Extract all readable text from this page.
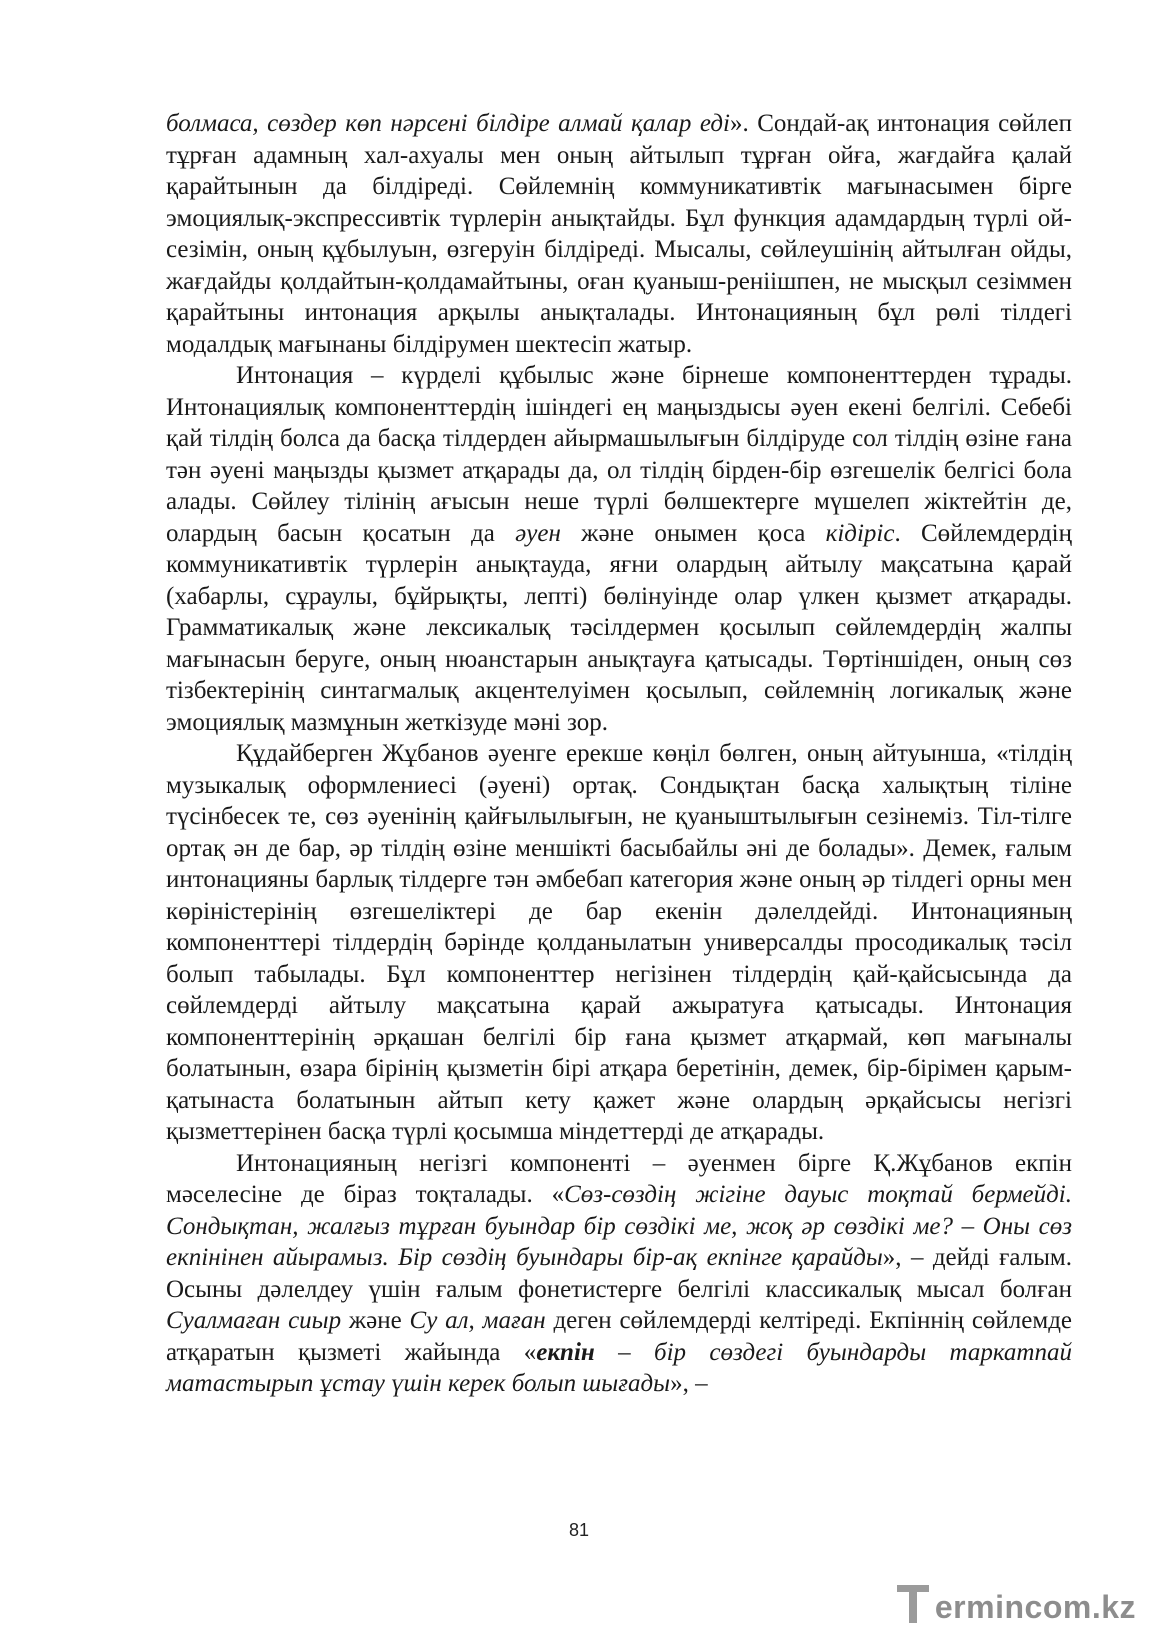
болмаса, сөздер көп нәрсені білдіре алмай қалар еді». Сондай-ақ интонация сөйлеп тұрған адамның хал-ахуалы мен оның айтылып тұрған ойға, жағдайға қалай қарайтынын да білдіреді. Сөйлемнің коммуникативтік мағынасымен бірге эмоциялық-экспрессивтік түрлерін анықтайды. Бұл функция адамдардың түрлі ой-сезімін, оның құбылуын, өзгеруін білдіреді. Мысалы, сөйлеушінің айтылған ойды, жағдайды қолдайтын-қолдамайтыны, оған қуаныш-реніішпен, не мысқыл сезіммен қарайтыны интонация арқылы анықталады. Интонацияның бұл рөлі тілдегі модалдық мағынаны білдірумен шектесіп жатыр.

Интонация – күрделі құбылыс және бірнеше компоненттерден тұрады. Интонациялық компоненттердің ішіндегі ең маңыздысы әуен екені белгілі. Себебі қай тілдің болса да басқа тілдерден айырмашылығын білдіруде сол тілдің өзіне ғана тән әуені маңызды қызмет атқарады да, ол тілдің бірден-бір өзгешелік белгісі бола алады. Сөйлеу тілінің ағысын неше түрлі бөлшектерге мүшелеп жіктейтін де, олардың басын қосатын да әуен және онымен қоса кідіріс. Сөйлемдердің коммуникативтік түрлерін анықтауда, яғни олардың айтылу мақсатына қарай (хабарлы, сұраулы, бұйрықты, лепті) бөлінуінде олар үлкен қызмет атқарады. Грамматикалық және лексикалық тәсілдермен қосылып сөйлемдердің жалпы мағынасын беруге, оның нюанстарын анықтауға қатысады. Төртіншіден, оның сөз тізбектерінің синтагмалық акцентелуімен қосылып, сөйлемнің логикалық және эмоциялық мазмұнын жеткізуде мәні зор.

Құдайберген Жұбанов әуенге ерекше көңіл бөлген, оның айтуынша, «тілдің музыкалық оформлениесі (әуені) ортақ. Сондықтан басқа халықтың тіліне түсінбесек те, сөз әуенінің қайғылылығын, не қуаныштылығын сезінеміз. Тіл-тілге ортақ ән де бар, әр тілдің өзіне меншікті басыбайлы әні де болады». Демек, ғалым интонацияны барлық тілдерге тән әмбебап категория және оның әр тілдегі орны мен көріністерінің өзгешеліктері де бар екенін дәлелдейді. Интонацияның компоненттері тілдердің бәрінде қолданылатын универсалды просодикалық тәсіл болып табылады. Бұл компоненттер негізінен тілдердің қай-қайсысында да сөйлемдерді айтылу мақсатына қарай ажыратуға қатысады. Интонация компоненттерінің әрқашан белгілі бір ғана қызмет атқармай, көп мағыналы болатынын, өзара бірінің қызметін бірі атқара беретінін, демек, бір-бірімен қарым-қатынаста болатынын айтып кету қажет және олардың әрқайсысы негізгі қызметтерінен басқа түрлі қосымша міндеттерді де атқарады.

Интонацияның негізгі компоненті – әуенмен бірге Қ.Жұбанов екпін мәселесіне де біраз тоқталады. «Сөз-сөздің жігіне дауыс тоқтай бермейді. Сондықтан, жалғыз тұрған буындар бір сөздікі ме, жоқ әр сөздікі ме? – Оны сөз екпінінен айырамыз. Бір сөздің буындары бір-ақ екпінге қарайды», – дейді ғалым. Осыны дәлелдеу үшін ғалым фонетистерге белгілі классикалық мысал болған Суалмаған сиыр және Су ал, маған деген сөйлемдерді келтіреді. Екпіннің сөйлемде атқаратын қызметі жайында «екпін – бір сөздегі буындарды таркатпай матастырып ұстау үшін керек болып шығады», –

81
ermincom.kz
